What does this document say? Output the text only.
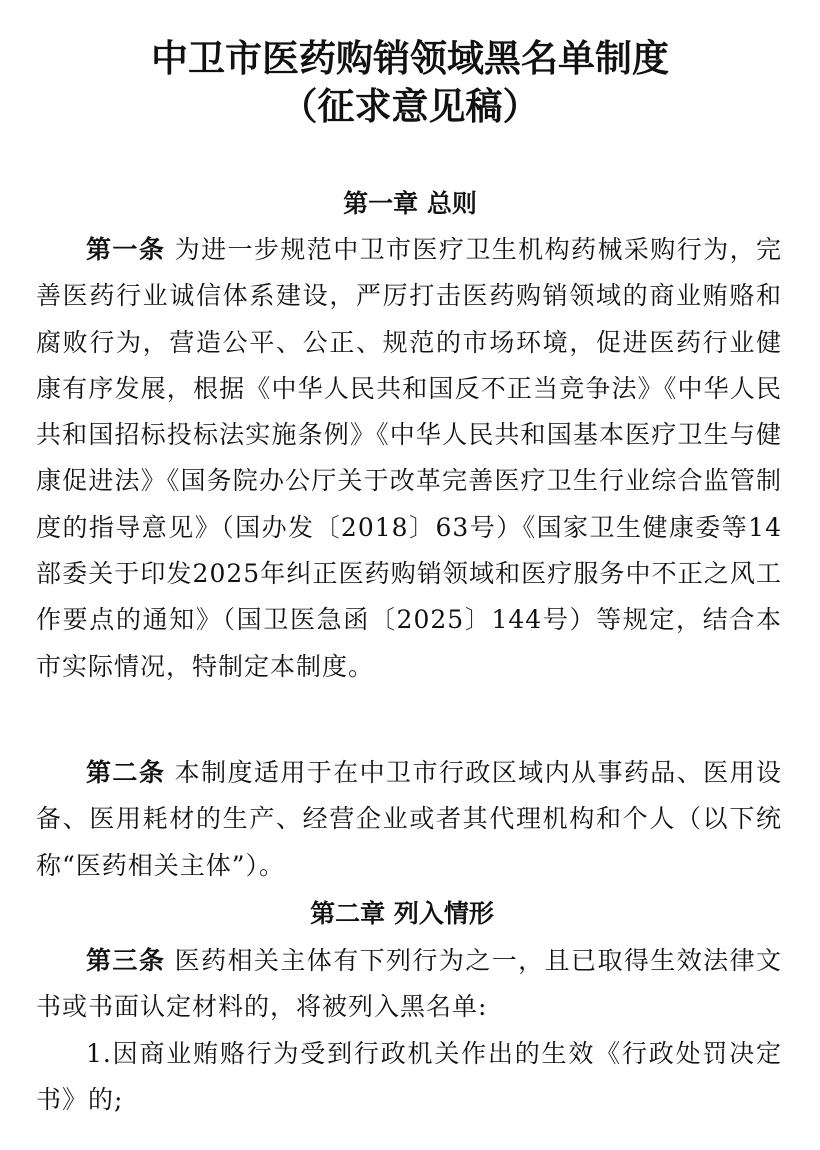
中卫市医药购销领域黑名单制度
（征求意见稿）
第一章 总则

第一条 为进一步规范中卫市医疗卫生机构药械采购行为，完善医药行业诚信体系建设，严厉打击医药购销领域的商业贿赂和腐败行为，营造公平、公正、规范的市场环境，促进医药行业健康有序发展，根据《中华人民共和国反不正当竞争法》《中华人民共和国招标投标法实施条例》《中华人民共和国基本医疗卫生与健康促进法》《国务院办公厅关于改革完善医疗卫生行业综合监管制度的指导意见》（国办发〔2018〕63号）《国家卫生健康委等14部委关于印发2025年纠正医药购销领域和医疗服务中不正之风工作要点的通知》（国卫医急函〔2025〕144号）等规定，结合本市实际情况，特制定本制度。

第二条 本制度适用于在中卫市行政区域内从事药品、医用设备、医用耗材的生产、经营企业或者其代理机构和个人（以下统称“医药相关主体”）。

第二章 列入情形

第三条 医药相关主体有下列行为之一，且已取得生效法律文书或书面认定材料的，将被列入黑名单:

1.因商业贿赂行为受到行政机关作出的生效《行政处罚决定书》的;
